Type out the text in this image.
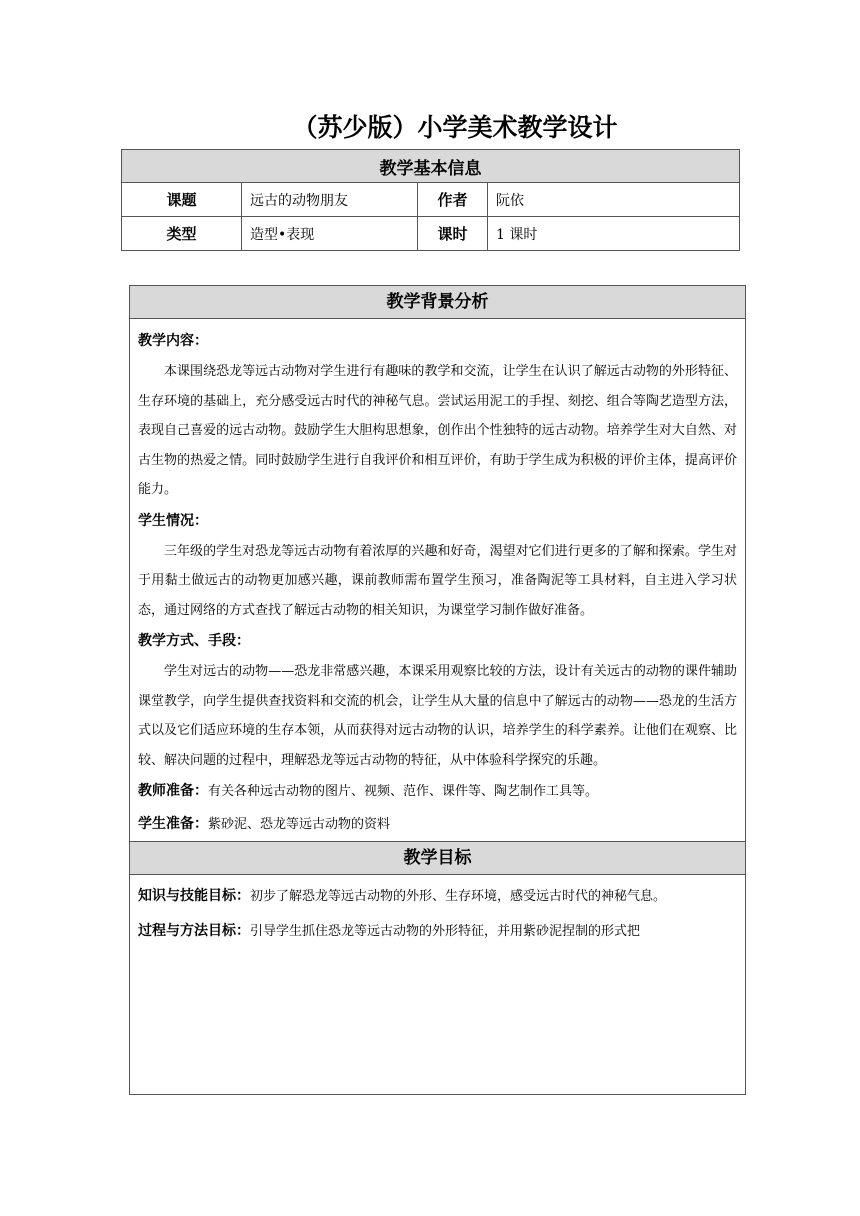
（苏少版）小学美术教学设计
教学基本信息			
课题	远古的动物朋友	作者	阮依
类型	造型•表现	课时	1 课时
教学背景分析

教学内容：

本课围绕恐龙等远古动物对学生进行有趣味的教学和交流，让学生在认识了解远古动物的外形特征、生存环境的基础上，充分感受远古时代的神秘气息。尝试运用泥工的手捏、刻挖、组合等陶艺造型方法，表现自己喜爱的远古动物。鼓励学生大胆构思想象，创作出个性独特的远古动物。培养学生对大自然、对古生物的热爱之情。同时鼓励学生进行自我评价和相互评价，有助于学生成为积极的评价主体，提高评价能力。

学生情况：

三年级的学生对恐龙等远古动物有着浓厚的兴趣和好奇，渴望对它们进行更多的了解和探索。学生对于用黏土做远古的动物更加感兴趣，课前教师需布置学生预习，准备陶泥等工具材料，自主进入学习状态，通过网络的方式查找了解远古动物的相关知识，为课堂学习制作做好准备。

教学方式、手段：

学生对远古的动物——恐龙非常感兴趣，本课采用观察比较的方法，设计有关远古的动物的课件辅助课堂教学，向学生提供查找资料和交流的机会，让学生从大量的信息中了解远古的动物——恐龙的生活方式以及它们适应环境的生存本领，从而获得对远古动物的认识，培养学生的科学素养。让他们在观察、比较、解决问题的过程中，理解恐龙等远古动物的特征，从中体验科学探究的乐趣。

教师准备：有关各种远古动物的图片、视频、范作、课件等、陶艺制作工具等。

学生准备：紫砂泥、恐龙等远古动物的资料

教学目标

知识与技能目标：初步了解恐龙等远古动物的外形、生存环境，感受远古时代的神秘气息。

过程与方法目标：引导学生抓住恐龙等远古动物的外形特征，并用紫砂泥捏制的形式把
